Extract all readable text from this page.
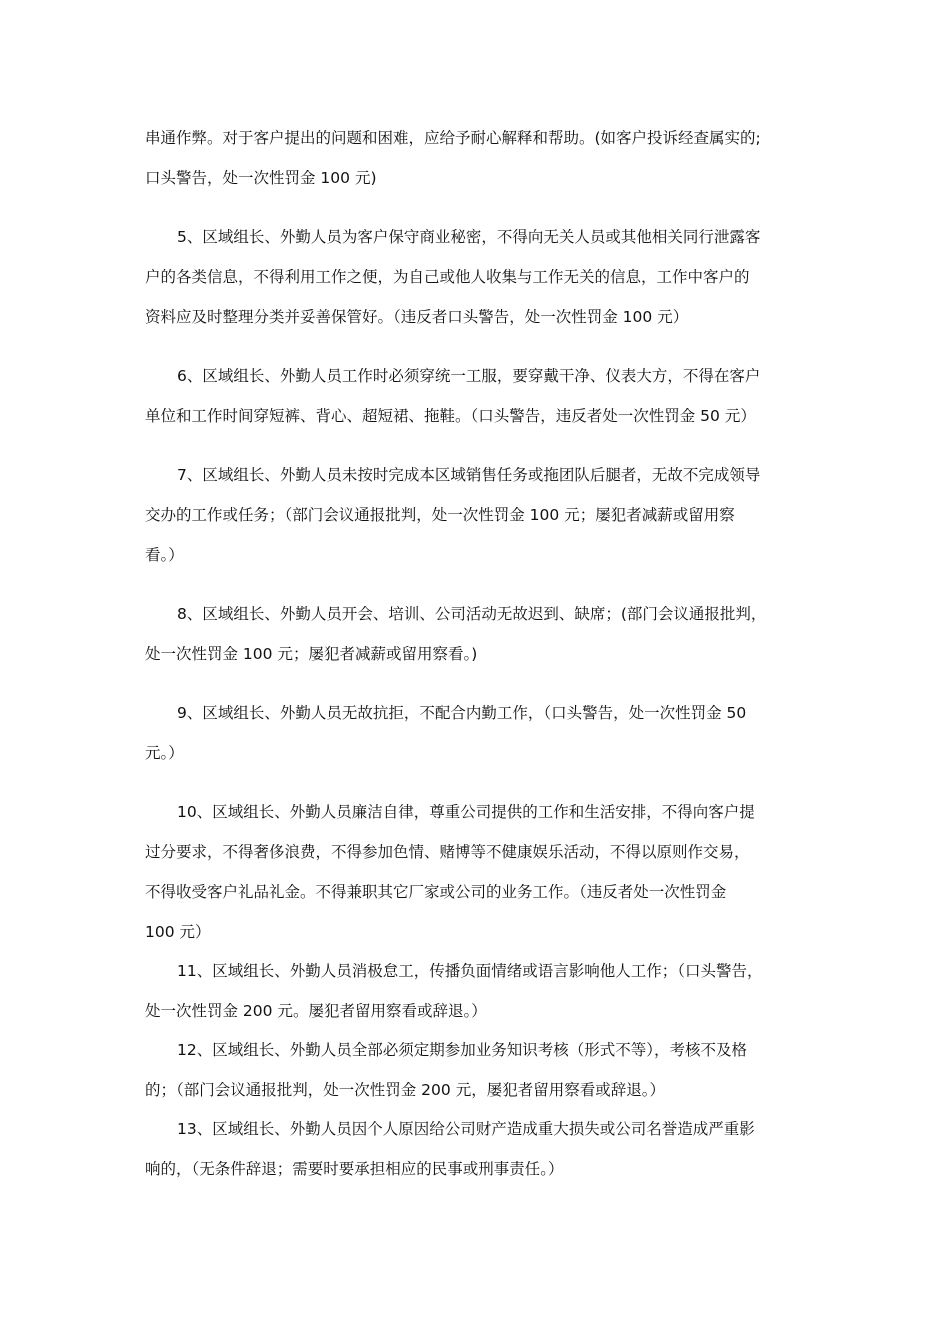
串通作弊。对于客户提出的问题和困难，应给予耐心解释和帮助。(如客户投诉经查属实的;
口头警告，处一次性罚金 100 元)
5、区域组长、外勤人员为客户保守商业秘密，不得向无关人员或其他相关同行泄露客
户的各类信息，不得利用工作之便，为自己或他人收集与工作无关的信息，工作中客户的
资料应及时整理分类并妥善保管好。（违反者口头警告，处一次性罚金 100 元）
6、区域组长、外勤人员工作时必须穿统一工服，要穿戴干净、仪表大方，不得在客户
单位和工作时间穿短裤、背心、超短裙、拖鞋。（口头警告，违反者处一次性罚金 50 元）
7、区域组长、外勤人员未按时完成本区域销售任务或拖团队后腿者，无故不完成领导
交办的工作或任务；（部门会议通报批判，处一次性罚金 100 元；屡犯者减薪或留用察
看。）
8、区域组长、外勤人员开会、培训、公司活动无故迟到、缺席；(部门会议通报批判，
处一次性罚金 100 元；屡犯者减薪或留用察看。)
9、区域组长、外勤人员无故抗拒，不配合内勤工作，（口头警告，处一次性罚金 50
元。）
10、区域组长、外勤人员廉洁自律，尊重公司提供的工作和生活安排，不得向客户提
过分要求，不得奢侈浪费，不得参加色情、赌博等不健康娱乐活动，不得以原则作交易，
不得收受客户礼品礼金。不得兼职其它厂家或公司的业务工作。（违反者处一次性罚金
100 元）
11、区域组长、外勤人员消极怠工，传播负面情绪或语言影响他人工作；（口头警告，
处一次性罚金 200 元。屡犯者留用察看或辞退。）
12、区域组长、外勤人员全部必须定期参加业务知识考核（形式不等），考核不及格
的；（部门会议通报批判，处一次性罚金 200 元，屡犯者留用察看或辞退。）
13、区域组长、外勤人员因个人原因给公司财产造成重大损失或公司名誉造成严重影
响的，（无条件辞退；需要时要承担相应的民事或刑事责任。）
